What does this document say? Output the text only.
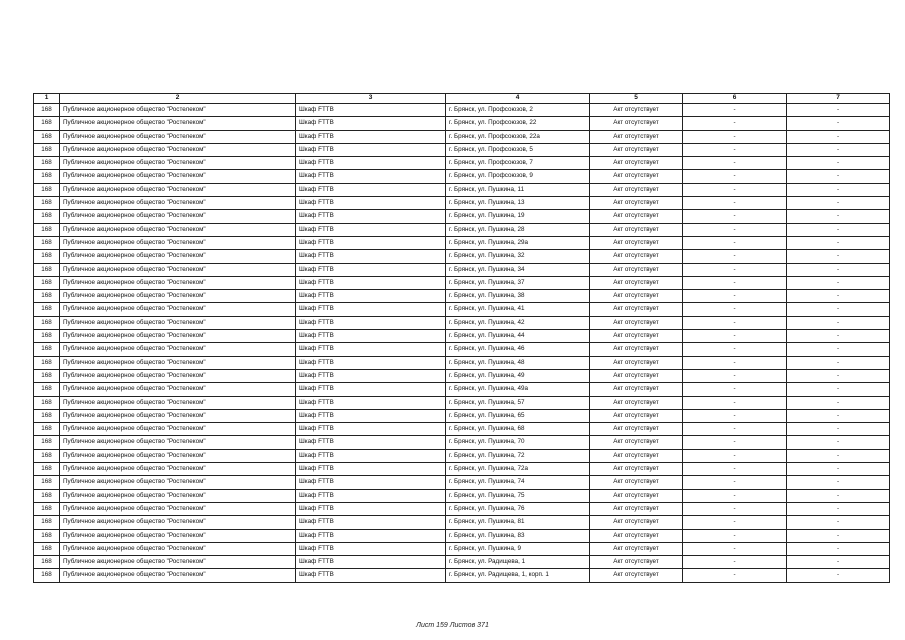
1	2	3	4	5	6	7
168	Публичное акционерное общество "Ростелеком"	Шкаф FTTB	г. Брянск, ул. Профсоюзов, 2	Акт отсутствует	-	-
168	Публичное акционерное общество "Ростелеком"	Шкаф FTTB	г. Брянск, ул. Профсоюзов, 22	Акт отсутствует	-	-
168	Публичное акционерное общество "Ростелеком"	Шкаф FTTB	г. Брянск, ул. Профсоюзов, 22а	Акт отсутствует	-	-
168	Публичное акционерное общество "Ростелеком"	Шкаф FTTB	г. Брянск, ул. Профсоюзов, 5	Акт отсутствует	-	-
168	Публичное акционерное общество "Ростелеком"	Шкаф FTTB	г. Брянск, ул. Профсоюзов, 7	Акт отсутствует	-	-
168	Публичное акционерное общество "Ростелеком"	Шкаф FTTB	г. Брянск, ул. Профсоюзов, 9	Акт отсутствует	-	-
168	Публичное акционерное общество "Ростелеком"	Шкаф FTTB	г. Брянск, ул. Пушкина, 11	Акт отсутствует	-	-
168	Публичное акционерное общество "Ростелеком"	Шкаф FTTB	г. Брянск, ул. Пушкина, 13	Акт отсутствует	-	-
168	Публичное акционерное общество "Ростелеком"	Шкаф FTTB	г. Брянск, ул. Пушкина, 19	Акт отсутствует	-	-
168	Публичное акционерное общество "Ростелеком"	Шкаф FTTB	г. Брянск, ул. Пушкина, 28	Акт отсутствует	-	-
168	Публичное акционерное общество "Ростелеком"	Шкаф FTTB	г. Брянск, ул. Пушкина, 29а	Акт отсутствует	-	-
168	Публичное акционерное общество "Ростелеком"	Шкаф FTTB	г. Брянск, ул. Пушкина, 32	Акт отсутствует	-	-
168	Публичное акционерное общество "Ростелеком"	Шкаф FTTB	г. Брянск, ул. Пушкина, 34	Акт отсутствует	-	-
168	Публичное акционерное общество "Ростелеком"	Шкаф FTTB	г. Брянск, ул. Пушкина, 37	Акт отсутствует	-	-
168	Публичное акционерное общество "Ростелеком"	Шкаф FTTB	г. Брянск, ул. Пушкина, 38	Акт отсутствует	-	-
168	Публичное акционерное общество "Ростелеком"	Шкаф FTTB	г. Брянск, ул. Пушкина, 41	Акт отсутствует	-	-
168	Публичное акционерное общество "Ростелеком"	Шкаф FTTB	г. Брянск, ул. Пушкина, 42	Акт отсутствует	-	-
168	Публичное акционерное общество "Ростелеком"	Шкаф FTTB	г. Брянск, ул. Пушкина, 44	Акт отсутствует	-	-
168	Публичное акционерное общество "Ростелеком"	Шкаф FTTB	г. Брянск, ул. Пушкина, 46	Акт отсутствует	-	-
168	Публичное акционерное общество "Ростелеком"	Шкаф FTTB	г. Брянск, ул. Пушкина, 48	Акт отсутствует	-	-
168	Публичное акционерное общество "Ростелеком"	Шкаф FTTB	г. Брянск, ул. Пушкина, 49	Акт отсутствует	-	-
168	Публичное акционерное общество "Ростелеком"	Шкаф FTTB	г. Брянск, ул. Пушкина, 49а	Акт отсутствует	-	-
168	Публичное акционерное общество "Ростелеком"	Шкаф FTTB	г. Брянск, ул. Пушкина, 57	Акт отсутствует	-	-
168	Публичное акционерное общество "Ростелеком"	Шкаф FTTB	г. Брянск, ул. Пушкина, 65	Акт отсутствует	-	-
168	Публичное акционерное общество "Ростелеком"	Шкаф FTTB	г. Брянск, ул. Пушкина, 68	Акт отсутствует	-	-
168	Публичное акционерное общество "Ростелеком"	Шкаф FTTB	г. Брянск, ул. Пушкина, 70	Акт отсутствует	-	-
168	Публичное акционерное общество "Ростелеком"	Шкаф FTTB	г. Брянск, ул. Пушкина, 72	Акт отсутствует	-	-
168	Публичное акционерное общество "Ростелеком"	Шкаф FTTB	г. Брянск, ул. Пушкина, 72а	Акт отсутствует	-	-
168	Публичное акционерное общество "Ростелеком"	Шкаф FTTB	г. Брянск, ул. Пушкина, 74	Акт отсутствует	-	-
168	Публичное акционерное общество "Ростелеком"	Шкаф FTTB	г. Брянск, ул. Пушкина, 75	Акт отсутствует	-	-
168	Публичное акционерное общество "Ростелеком"	Шкаф FTTB	г. Брянск, ул. Пушкина, 76	Акт отсутствует	-	-
168	Публичное акционерное общество "Ростелеком"	Шкаф FTTB	г. Брянск, ул. Пушкина, 81	Акт отсутствует	-	-
168	Публичное акционерное общество "Ростелеком"	Шкаф FTTB	г. Брянск, ул. Пушкина, 83	Акт отсутствует	-	-
168	Публичное акционерное общество "Ростелеком"	Шкаф FTTB	г. Брянск, ул. Пушкина, 9	Акт отсутствует	-	-
168	Публичное акционерное общество "Ростелеком"	Шкаф FTTB	г. Брянск, ул. Радищева, 1	Акт отсутствует	-	-
168	Публичное акционерное общество "Ростелеком"	Шкаф FTTB	г. Брянск, ул. Радищева, 1, корп. 1	Акт отсутствует	-	-
Лист 159 Листов 371
